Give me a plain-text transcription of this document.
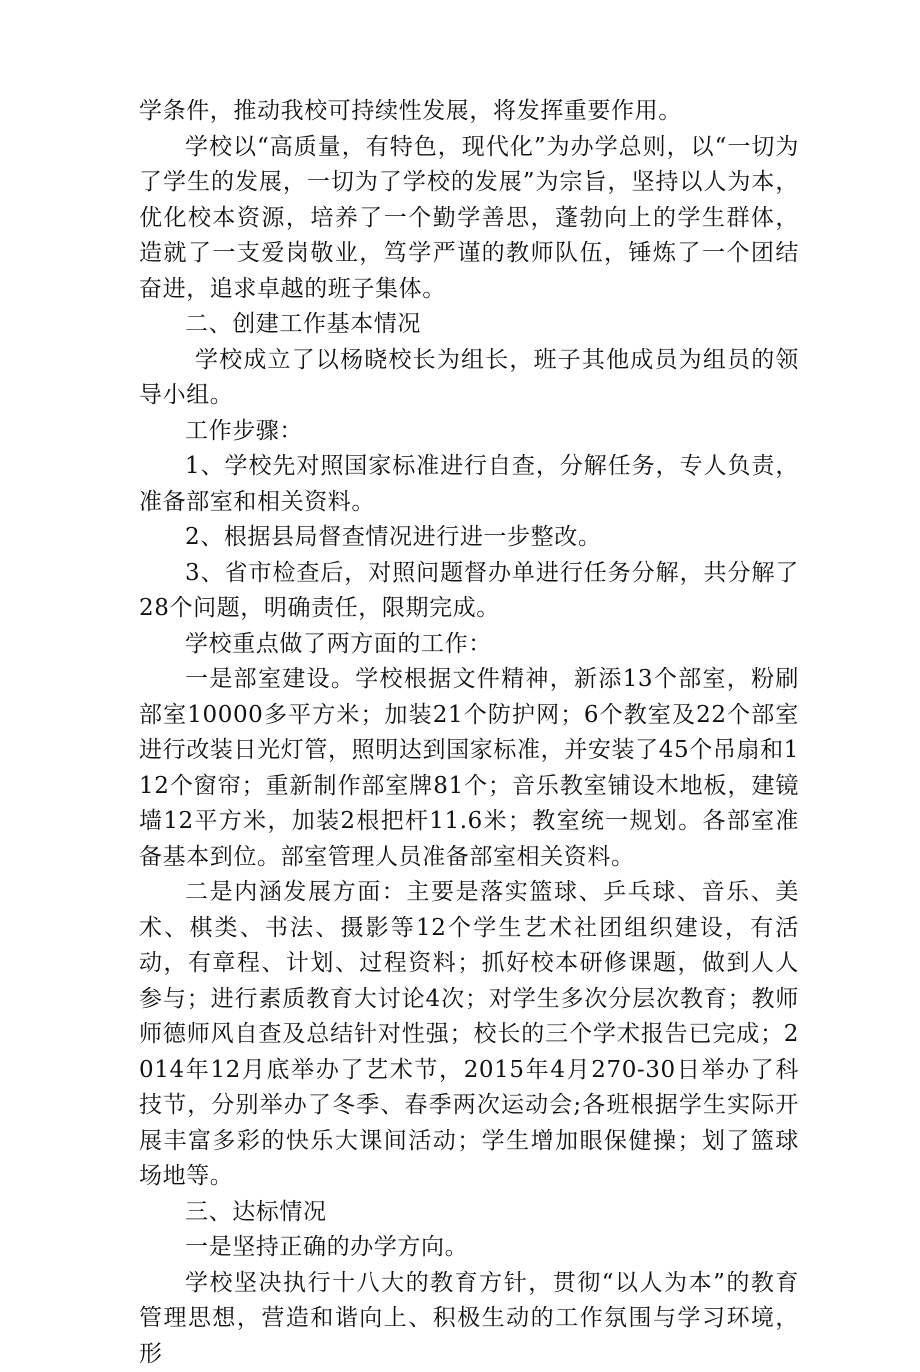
学条件，推动我校可持续性发展，将发挥重要作用。

学校以“高质量，有特色，现代化”为办学总则，以“一切为了学生的发展，一切为了学校的发展”为宗旨，坚持以人为本，优化校本资源，培养了一个勤学善思，蓬勃向上的学生群体，造就了一支爱岗敬业，笃学严谨的教师队伍，锤炼了一个团结奋进，追求卓越的班子集体。

二、创建工作基本情况

学校成立了以杨晓校长为组长，班子其他成员为组员的领导小组。

工作步骤：

1、学校先对照国家标准进行自查，分解任务，专人负责，准备部室和相关资料。

2、根据县局督查情况进行进一步整改。

3、省市检查后，对照问题督办单进行任务分解，共分解了28个问题，明确责任，限期完成。

学校重点做了两方面的工作：

一是部室建设。学校根据文件精神，新添13个部室，粉刷部室10000多平方米；加装21个防护网；6个教室及22个部室进行改装日光灯管，照明达到国家标准，并安装了45个吊扇和112个窗帘；重新制作部室牌81个；音乐教室铺设木地板，建镜墙12平方米，加装2根把杆11.6米；教室统一规划。各部室准备基本到位。部室管理人员准备部室相关资料。

二是内涵发展方面：主要是落实篮球、乒乓球、音乐、美术、棋类、书法、摄影等12个学生艺术社团组织建设，有活动，有章程、计划、过程资料；抓好校本研修课题，做到人人参与；进行素质教育大讨论4次；对学生多次分层次教育；教师师德师风自查及总结针对性强；校长的三个学术报告已完成；2014年12月底举办了艺术节，2015年4月270-30日举办了科技节，分别举办了冬季、春季两次运动会;各班根据学生实际开展丰富多彩的快乐大课间活动；学生增加眼保健操；划了篮球场地等。

三、达标情况

一是坚持正确的办学方向。

学校坚决执行十八大的教育方针，贯彻“以人为本”的教育管理思想，营造和谐向上、积极生动的工作氛围与学习环境，形
